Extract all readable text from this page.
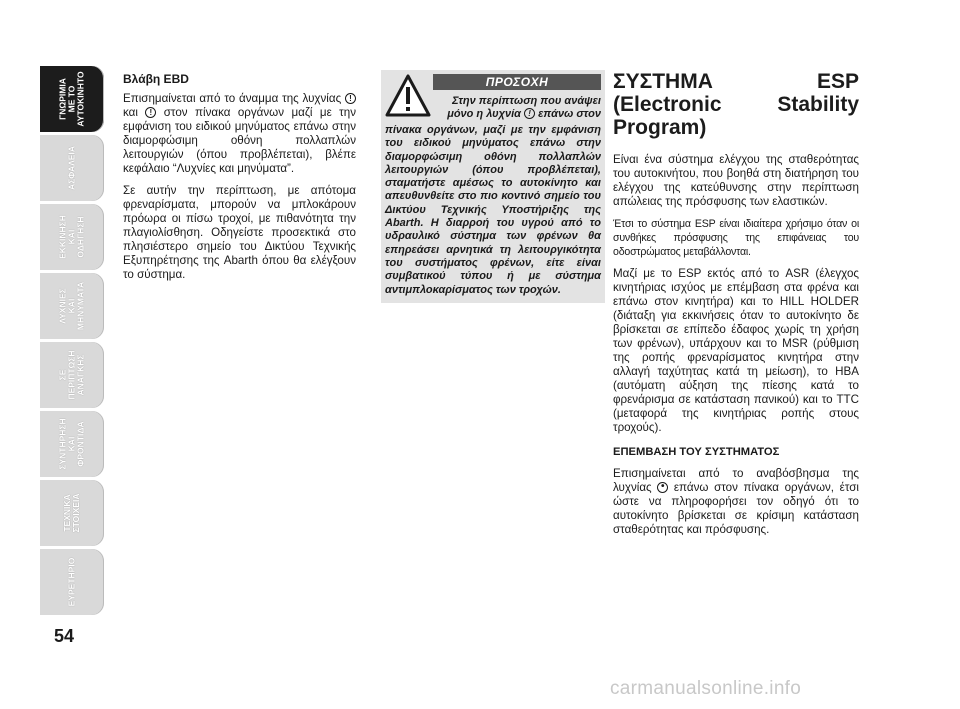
ΓΝΩΡΙΜΙΑ
ΜΕ ΤΟ
ΑΥΤΟΚΙΝΗΤΟ
ΑΣΦΑΛΕΙΑ
ΕΚΚΙΝΗΣΗ
ΚΑΙ
ΟΔΗΓΗΣΗ
ΛΥΧΝΙΕΣ
ΚΑΙ
ΜΗΝΥΜΑΤΑ
ΣΕ
ΠΕΡΙΠΤΩΣΗ
ΑΝΑΓΚΗΣ
ΣΥΝΤΗΡΗΣΗ
ΚΑΙ
ΦΡΟΝΤΙΔΑ
ΤΕΧΝΙΚΑ
ΣΤΟΙΧΕΙΑ
ΕΥΡΕΤΗΡΙΟ
54
Βλάβη EBD

Επισημαίνεται από το άναμμα της λυχνίας ! και ! στον πίνακα οργάνων μαζί με την εμφάνιση του ειδικού μηνύματος επάνω στην διαμορφώσιμη οθόνη πολλαπλών λειτουργιών (όπου προβλέπεται), βλέπε κεφάλαιο “Λυχνίες και μηνύματα”.

Σε αυτήν την περίπτωση, με απότομα φρεναρίσματα, μπορούν να μπλοκάρουν πρόωρα οι πίσω τροχοί, με πιθανότητα την πλαγιολίσθηση. Οδηγείστε προσεκτικά στο πλησιέστερο σημείο του Δικτύου Τεχνικής Εξυπηρέτησης της Abarth όπου θα ελέγξουν το σύστημα.

ΠΡΟΣΟΧΗ
Στην περίπτωση που ανάψει μόνο η λυχνία ! επάνω στον
πίνακα οργάνων, μαζί με την εμφάνιση του ειδικού μηνύματος επάνω στην διαμορφώσιμη οθόνη πολλαπλών λειτουργιών (όπου προβλέπεται), σταματήστε αμέσως το αυτοκίνητο και απευθυνθείτε στο πιο κοντινό σημείο του Δικτύου Τεχνικής Υποστήριξης της Abarth. Η διαρροή του υγρού από το υδραυλικό σύστημα των φρένων θα επηρεάσει αρνητικά τη λειτουργικότητα του συστήματος φρένων, είτε είναι συμβατικού τύπου ή με σύστημα αντιμπλοκαρίσματος των τροχών.
ΣΥΣΤΗΜΑ ESP (Electronic Stability Program)

Είναι ένα σύστημα ελέγχου της σταθερότητας του αυτοκινήτου, που βοηθά στη διατήρηση του ελέγχου της κατεύθυνσης στην περίπτωση απώλειας της πρόσφυσης των ελαστικών.

Έτσι το σύστημα ESP είναι ιδιαίτερα χρήσιμο όταν οι συνθήκες πρόσφυσης της επιφάνειας του οδοστρώματος μεταβάλλονται.

Μαζί με το ESP εκτός από το ASR (έλεγχος κινητήριας ισχύος με επέμβαση στα φρένα και επάνω στον κινητήρα) και το HILL HOLDER (διάταξη για εκκινήσεις όταν το αυτοκίνητο δε βρίσκεται σε επίπεδο έδαφος χωρίς τη χρήση των φρένων), υπάρχουν και το MSR (ρύθμιση της ροπής φρεναρίσματος κινητήρα στην αλλαγή ταχύτητας κατά τη μείωση), το HBA (αυτόματη αύξηση της πίεσης κατά το φρενάρισμα σε κατάσταση πανικού) και το TTC (μεταφορά της κινητήριας ροπής στους τροχούς).

ΕΠΕΜΒΑΣΗ ΤΟΥ ΣΥΣΤΗΜΑΤΟΣ

Επισημαίνεται από το αναβόσβησμα της λυχνίας • επάνω στον πίνακα οργάνων, έτσι ώστε να πληροφορήσει τον οδηγό ότι το αυτοκίνητο βρίσκεται σε κρίσιμη κατάσταση σταθερότητας και πρόσφυσης.

carmanualsonline.info
